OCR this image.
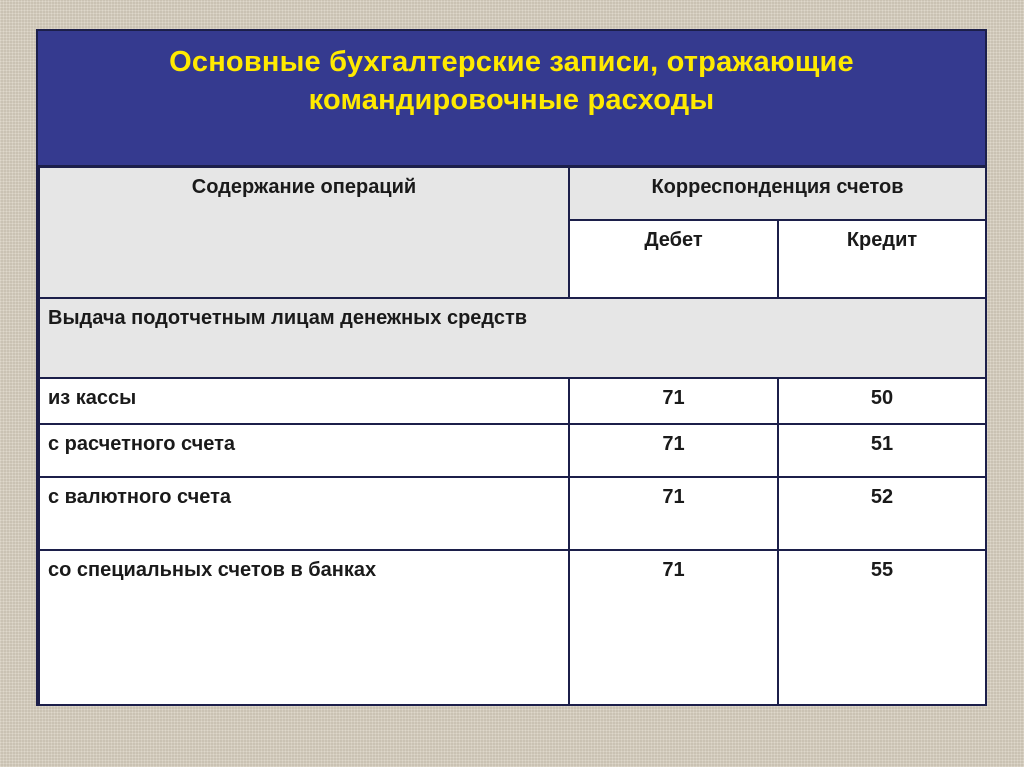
Основные бухгалтерские записи, отражающие
командировочные расходы
Содержание операций	Корреспонденция счетов	
	Дебет	Кредит
Выдача подотчетным лицам денежных средств		
из кассы	71	50
с расчетного счета	71	51
с валютного счета	71	52
со специальных счетов в банках	71	55
